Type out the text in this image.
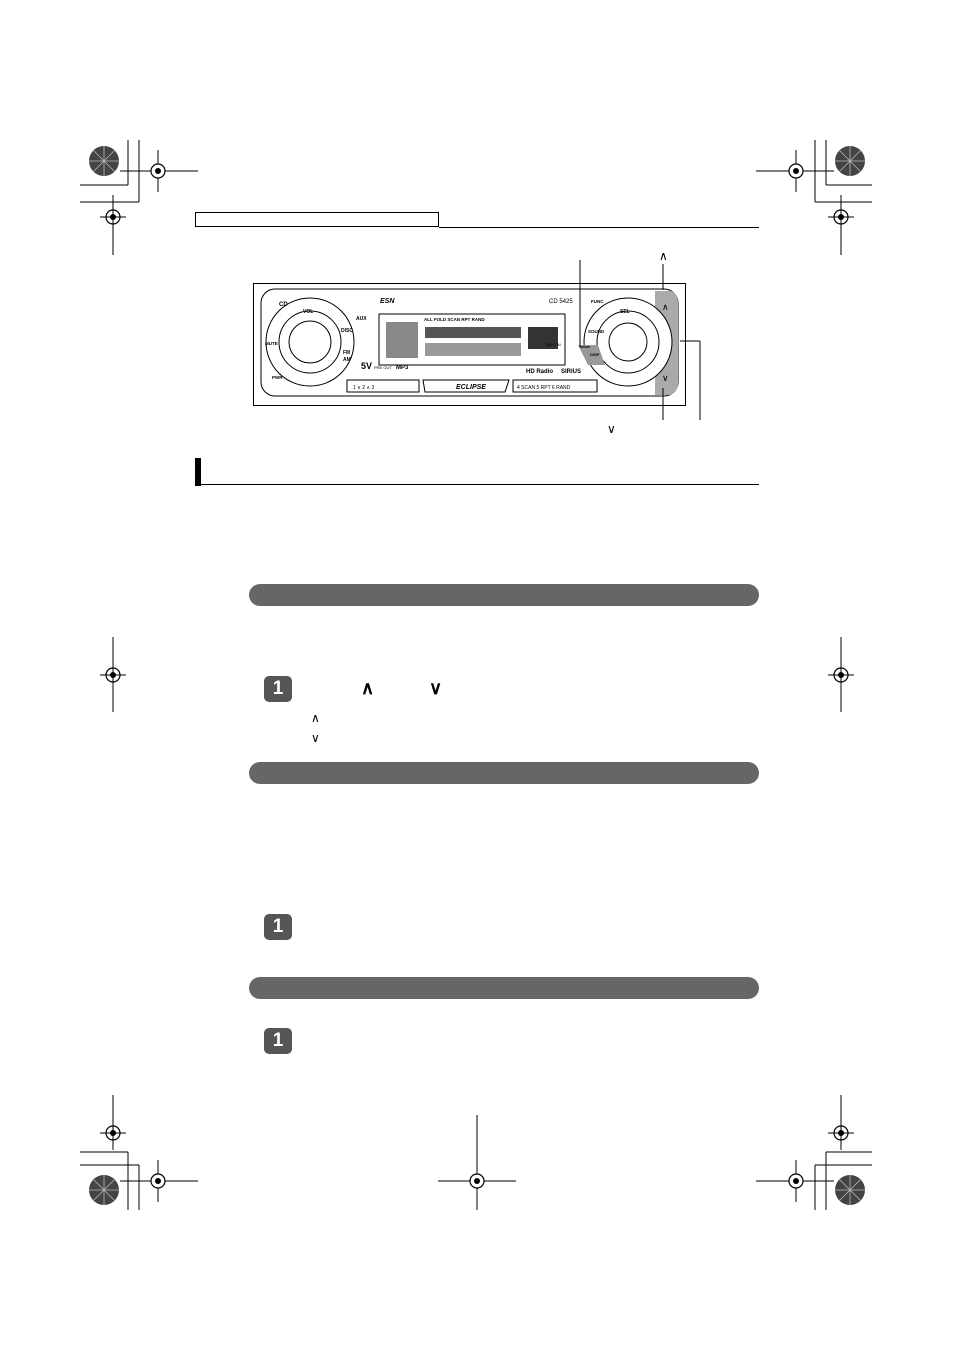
CD
VOL
MUTE
PWR
AUX
DISC
FM
AM
ESN	CD 5425
ALL FOLD SCAN RPT RAND
DISC IN
SOUND
DISP
FUNC
SEL
ECLIPSE
HD Radio SIRIUS
5V PRE OUT MP3
1 ∨ 2 ∧ 3	4 SCAN 5 RPT 6 RAND
∧
∨
∧
∨
1	∧	∨
∧
∨
1
1
